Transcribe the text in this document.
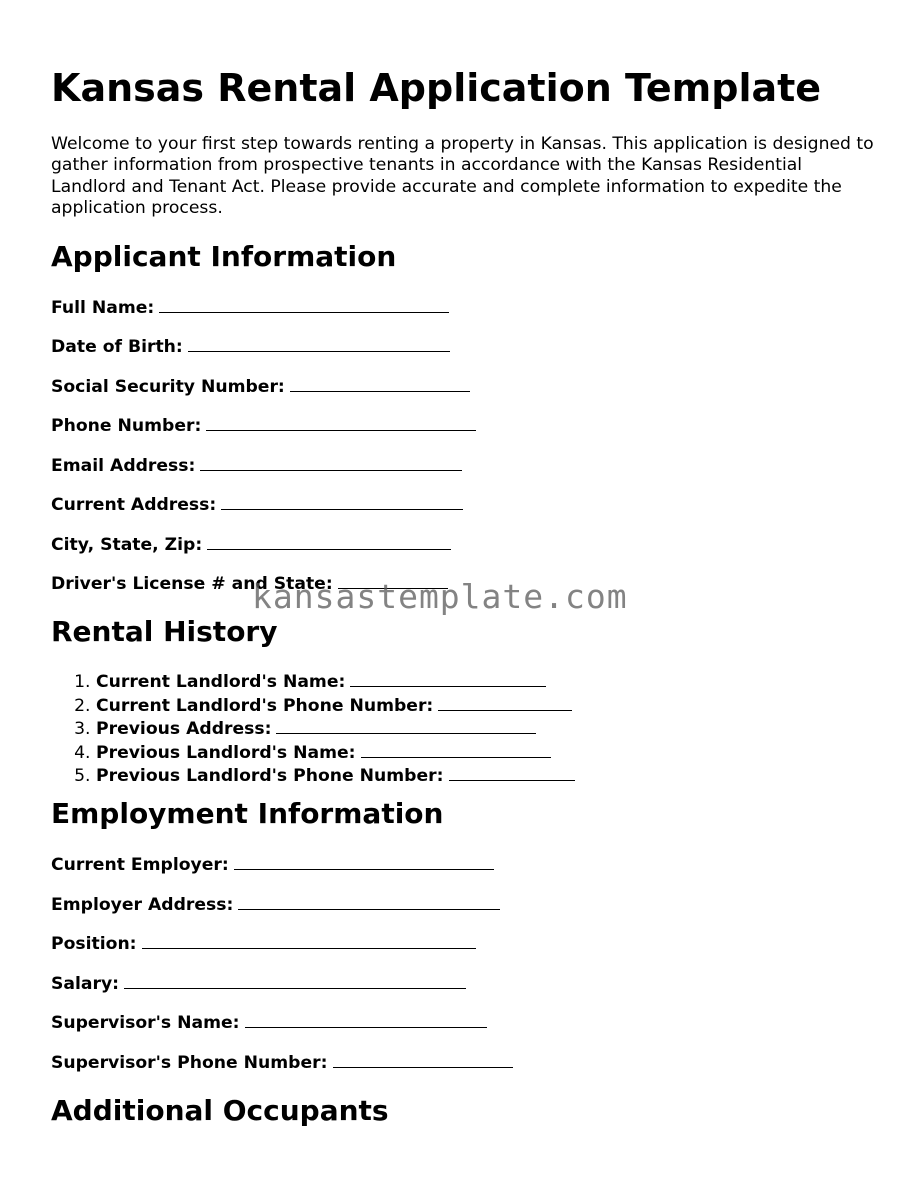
Kansas Rental Application Template

Welcome to your first step towards renting a property in Kansas. This application is designed to gather information from prospective tenants in accordance with the Kansas Residential Landlord and Tenant Act. Please provide accurate and complete information to expedite the application process.

Applicant Information
Full Name:
Date of Birth:
Social Security Number:
Phone Number:
Email Address:
Current Address:
City, State, Zip:
Driver's License # and State:
Rental History
1. Current Landlord's Name:
2. Current Landlord's Phone Number:
3. Previous Address:
4. Previous Landlord's Name:
5. Previous Landlord's Phone Number:
Employment Information
Current Employer:
Employer Address:
Position:
Salary:
Supervisor's Name:
Supervisor's Phone Number:
Additional Occupants
kansastemplate.com
